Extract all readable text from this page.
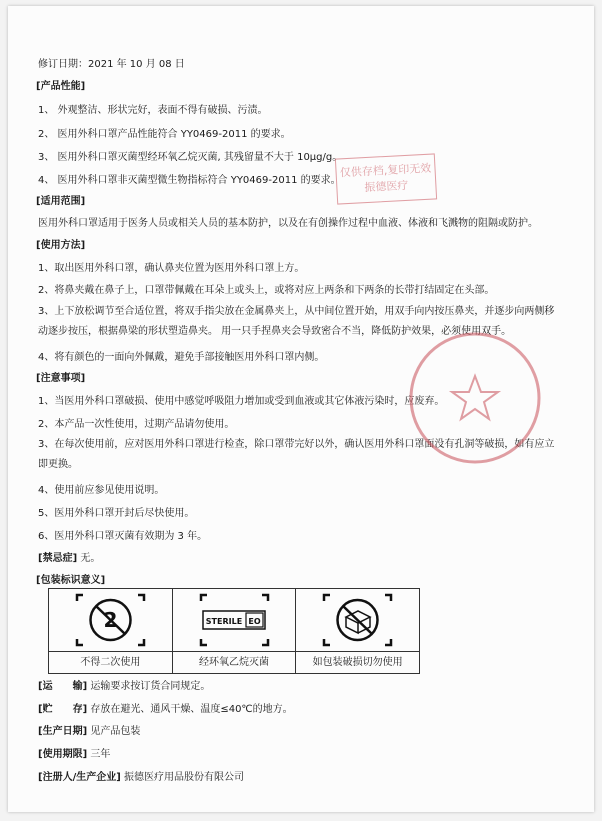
修订日期：2021 年 10 月 08 日
[产品性能]
1、 外观整洁、形状完好，表面不得有破损、污渍。
2、 医用外科口罩产品性能符合 YY0469-2011 的要求。
3、 医用外科口罩灭菌型经环氧乙烷灭菌, 其残留量不大于 10μg/g。
4、 医用外科口罩非灭菌型微生物指标符合 YY0469-2011 的要求。
[适用范围]
医用外科口罩适用于医务人员或相关人员的基本防护，以及在有创操作过程中血液、体液和飞溅物的阻隔或防护。
[使用方法]
1、取出医用外科口罩，确认鼻夹位置为医用外科口罩上方。
2、将鼻夹戴在鼻子上，口罩带佩戴在耳朵上或头上，或将对应上两条和下两条的长带打结固定在头部。
3、上下放松调节至合适位置，将双手指尖放在金属鼻夹上，从中间位置开始，用双手向内按压鼻夹，并逐步向两侧移动逐步按压，根据鼻梁的形状塑造鼻夹。 用一只手捏鼻夹会导致密合不当，降低防护效果，必须使用双手。
4、将有颜色的一面向外佩戴，避免手部接触医用外科口罩内侧。
[注意事项]
1、当医用外科口罩破损、使用中感觉呼吸阻力增加或受到血液或其它体液污染时，应废弃。
2、本产品一次性使用，过期产品请勿使用。
3、在每次使用前，应对医用外科口罩进行检查，除口罩带完好以外，确认医用外科口罩面没有孔洞等破损，如有应立即更换。
4、使用前应参见使用说明。
5、医用外科口罩开封后尽快使用。
6、医用外科口罩灭菌有效期为 3 年。
[禁忌症] 无。
[包装标识意义]
2
不得二次使用
STERILE EO
经环氧乙烷灭菌	如包装破损切勿使用
[运　　输] 运输要求按订货合同规定。
[贮　　存] 存放在避光、通风干燥、温度≤40℃的地方。
[生产日期] 见产品包装
[使用期限] 三年
[注册人/生产企业] 振德医疗用品股份有限公司
仅供存档,复印无效
振德医疗
